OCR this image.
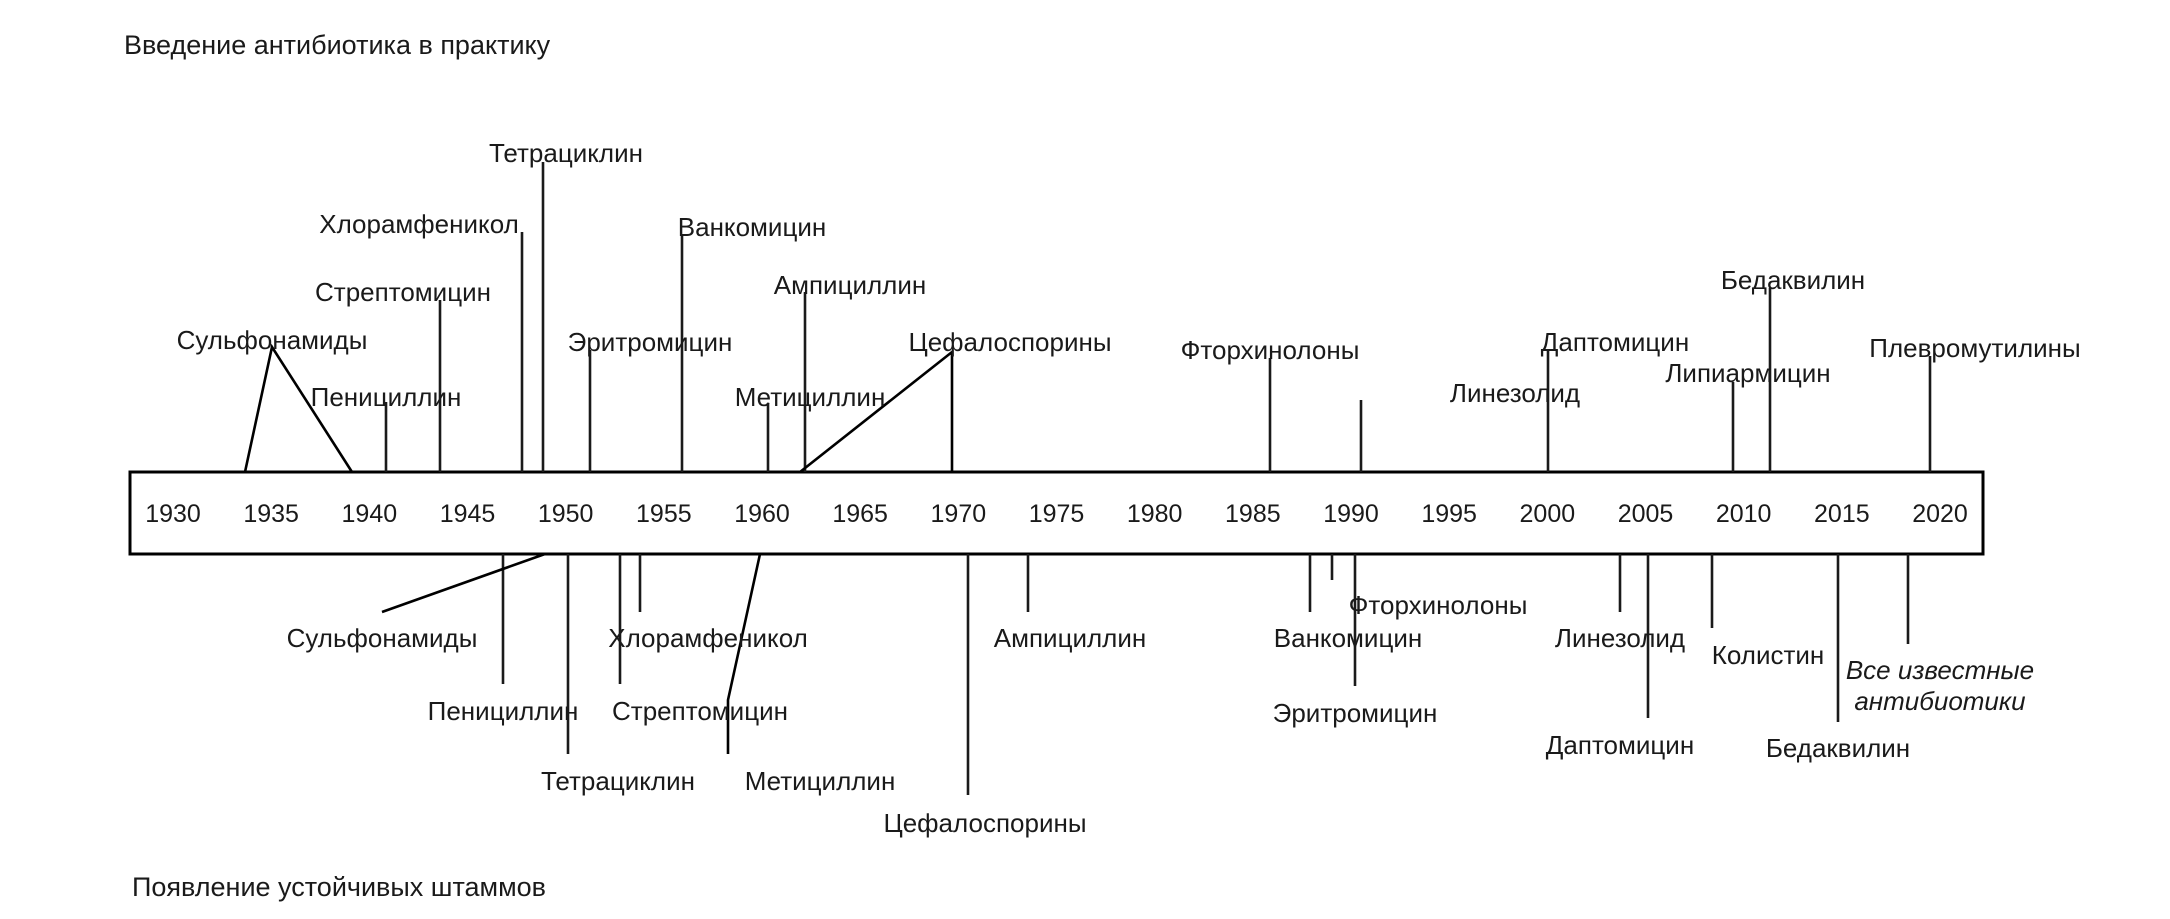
Введение антибиотика в практику
Появление устойчивых штаммов
1930 1935 1940 1945 1950 1955 1960 1965 1970 1975 1980 1985 1990 1995 2000 2005 2010 2015 2020
Сульфонамиды
Пенициллин
Стрептомицин
Хлорамфеникол
Тетрациклин
Эритромицин
Ванкомицин
Метициллин
Ампициллин
Цефалоспорины	Фторхинолоны
Линезолид
Даптомицин
Липиармицин
Бедаквилин
Плевромутилины
Сульфонамиды
Пенициллин Стрептомицин
Тетрациклин
Хлорамфеникол
Метициллин
Ампициллин
Цефалоспорины
Ванкомицин
Фторхинолоны
Эритромицин
Линезолид
Даптомицин
Колистин
Бедаквилин
Все известные антибиотики
